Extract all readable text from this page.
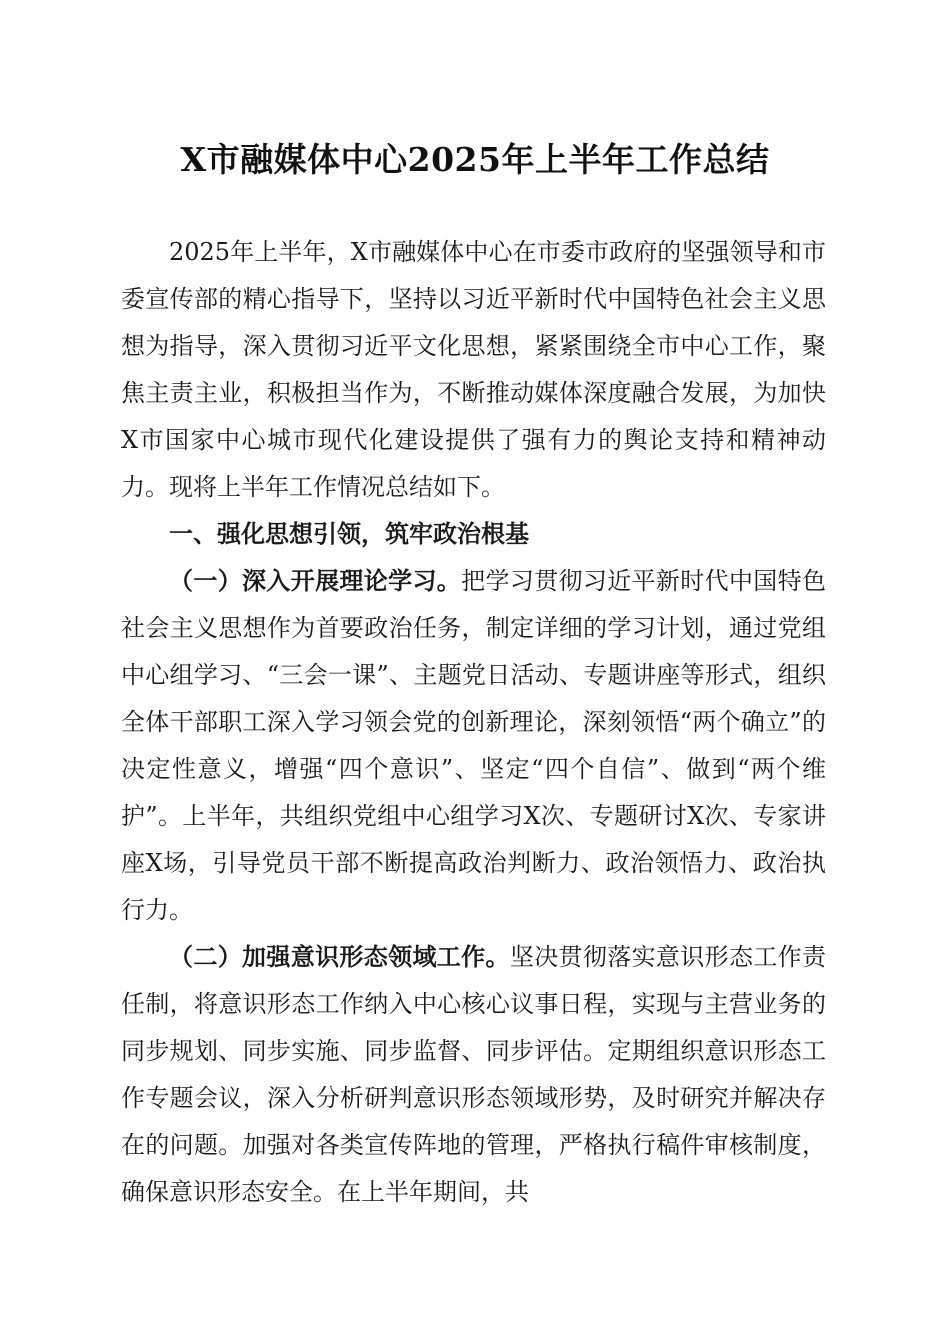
X市融媒体中心2025年上半年工作总结

2025年上半年，X市融媒体中心在市委市政府的坚强领导和市委宣传部的精心指导下，坚持以习近平新时代中国特色社会主义思想为指导，深入贯彻习近平文化思想，紧紧围绕全市中心工作，聚焦主责主业，积极担当作为，不断推动媒体深度融合发展，为加快X市国家中心城市现代化建设提供了强有力的舆论支持和精神动力。现将上半年工作情况总结如下。

一、强化思想引领，筑牢政治根基

（一）深入开展理论学习。把学习贯彻习近平新时代中国特色社会主义思想作为首要政治任务，制定详细的学习计划，通过党组中心组学习、“三会一课”、主题党日活动、专题讲座等形式，组织全体干部职工深入学习领会党的创新理论，深刻领悟“两个确立”的决定性意义，增强“四个意识”、坚定“四个自信”、做到“两个维护”。上半年，共组织党组中心组学习X次、专题研讨X次、专家讲座X场，引导党员干部不断提高政治判断力、政治领悟力、政治执行力。

（二）加强意识形态领域工作。坚决贯彻落实意识形态工作责任制，将意识形态工作纳入中心核心议事日程，实现与主营业务的同步规划、同步实施、同步监督、同步评估。定期组织意识形态工作专题会议，深入分析研判意识形态领域形势，及时研究并解决存在的问题。加强对各类宣传阵地的管理，严格执行稿件审核制度，确保意识形态安全。在上半年期间，共
